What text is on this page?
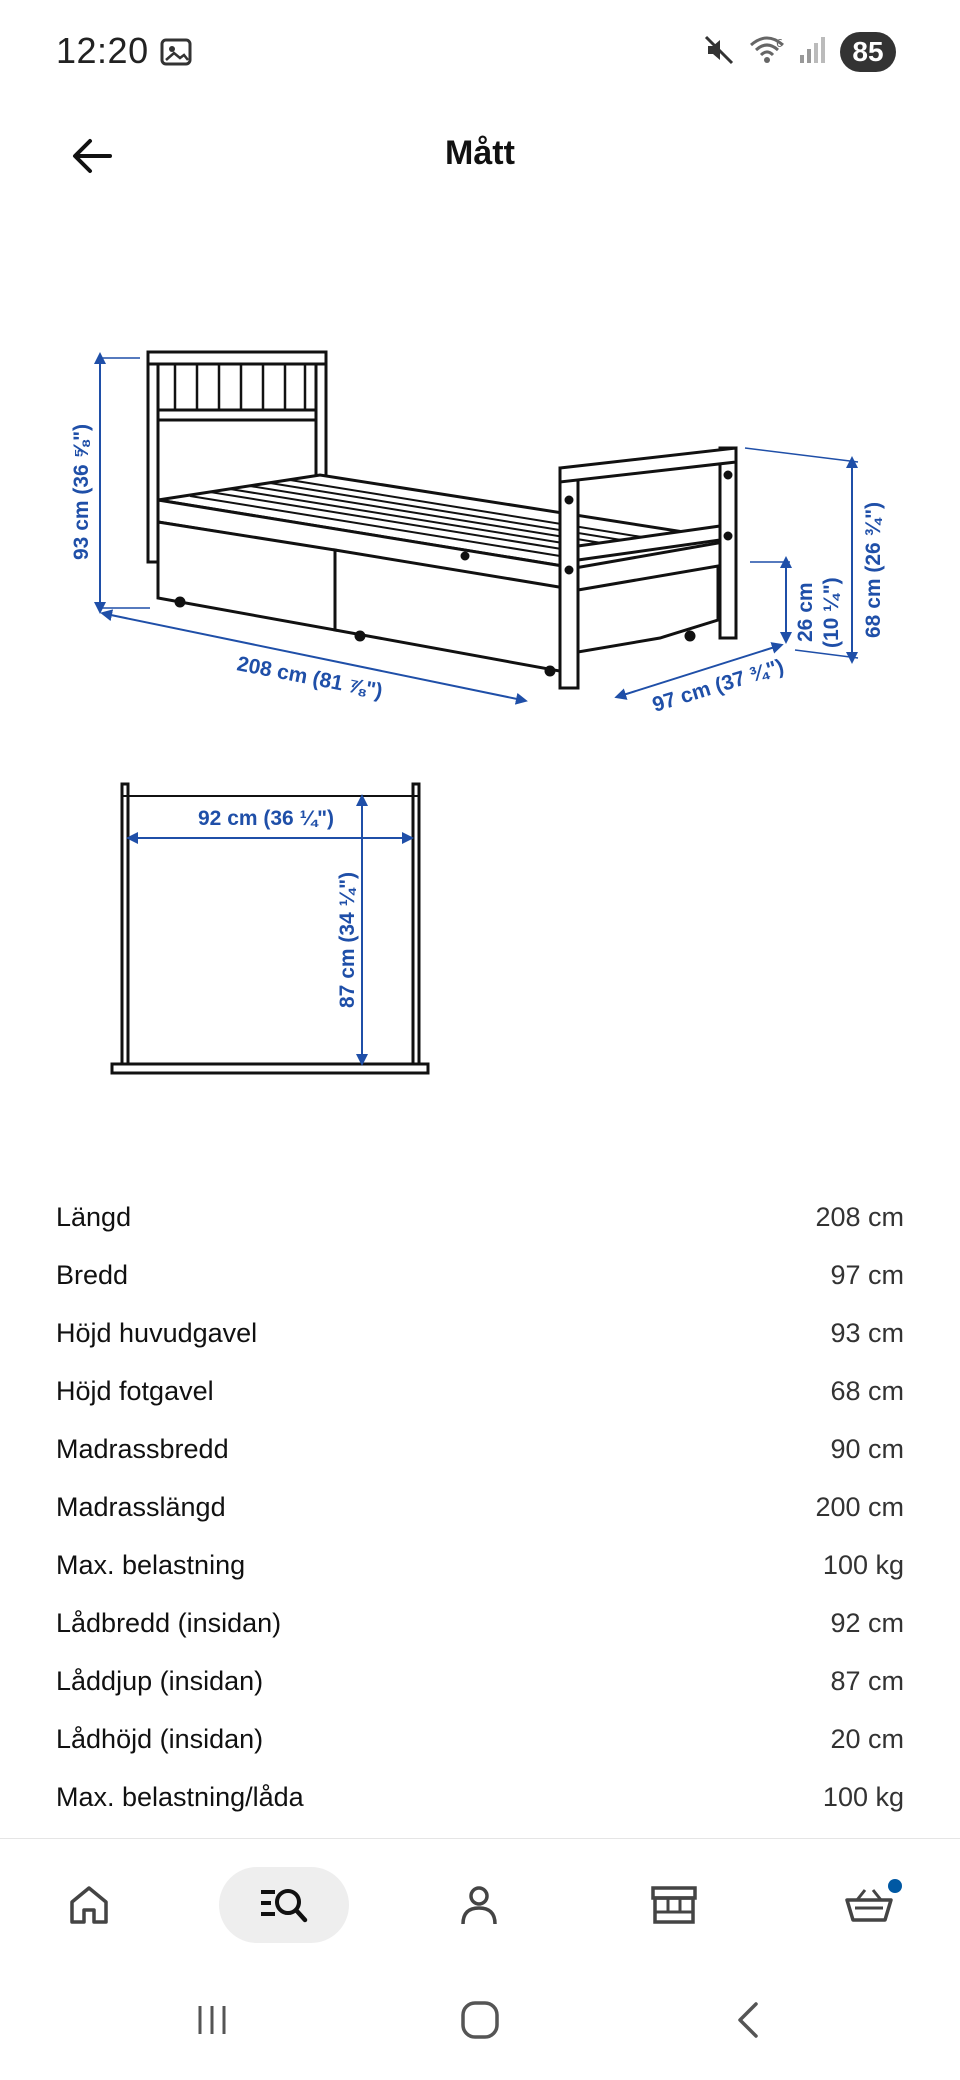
12:20	6	85
Mått
93 cm (36 ⅝")
208 cm (81 ⅞")	97 cm (37 ¾")
26 cm (10 ¼") 68 cm (26 ¾")
92 cm (36 ¼")
87 cm (34 ¼")
Längd	208 cm
Bredd	97 cm
Höjd huvudgavel	93 cm
Höjd fotgavel	68 cm
Madrassbredd	90 cm
Madrasslängd	200 cm
Max. belastning	100 kg
Lådbredd (insidan)	92 cm
Låddjup (insidan)	87 cm
Lådhöjd (insidan)	20 cm
Max. belastning/låda	100 kg
